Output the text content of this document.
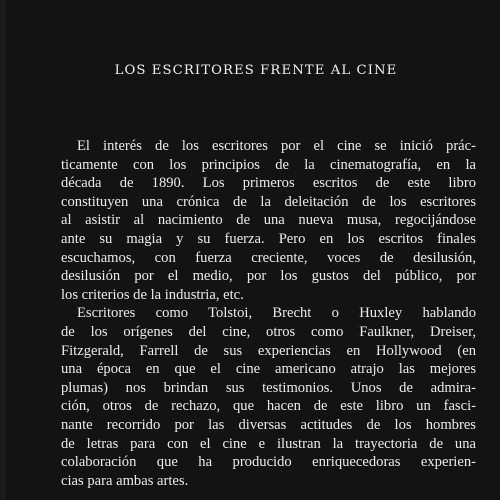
LOS ESCRITORES FRENTE AL CINE
El interés de los escritores por el cine se inició prác-
ticamente con los principios de la cinematografía, en la
década de 1890. Los primeros escritos de este libro
constituyen una crónica de la deleitación de los escritores
al asistir al nacimiento de una nueva musa, regocijándose
ante su magia y su fuerza. Pero en los escritos finales
escuchamos, con fuerza creciente, voces de desilusión,
desilusión por el medio, por los gustos del público, por
los criterios de la industria, etc.
Escritores como Tolstoi, Brecht o Huxley hablando
de los orígenes del cine, otros como Faulkner, Dreiser,
Fitzgerald, Farrell de sus experiencias en Hollywood (en
una época en que el cine americano atrajo las mejores
plumas) nos brindan sus testimonios. Unos de admira-
ción, otros de rechazo, que hacen de este libro un fasci-
nante recorrido por las diversas actitudes de los hombres
de letras para con el cine e ilustran la trayectoria de una
colaboración que ha producido enriquecedoras experien-
cias para ambas artes.
